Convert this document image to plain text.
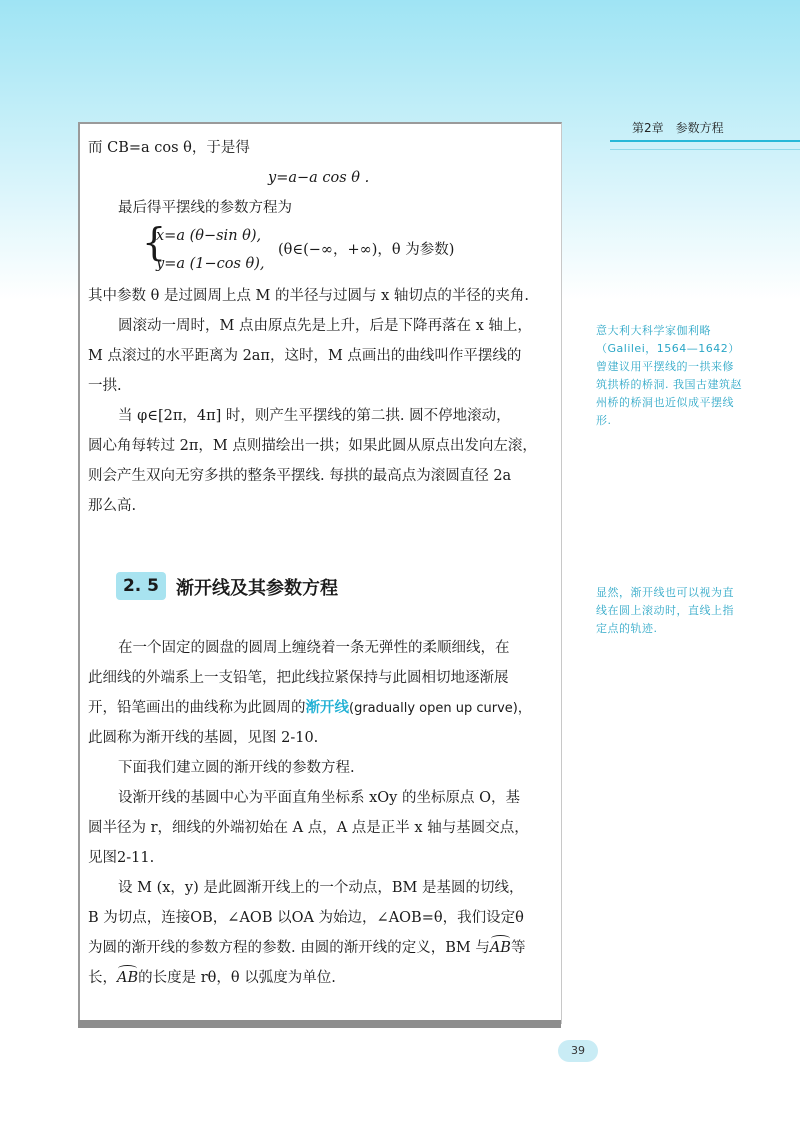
第2章　参数方程
而 CB=a cos θ，于是得
y=a−a cos θ .
最后得平摆线的参数方程为
{
x=a (θ−sin θ),
y=a (1−cos θ),
(θ∈(−∞，+∞)，θ 为参数)
其中参数 θ 是过圆周上点 M 的半径与过圆与 x 轴切点的半径的夹角.
圆滚动一周时，M 点由原点先是上升，后是下降再落在 x 轴上，
M 点滚过的水平距离为 2aπ，这时，M 点画出的曲线叫作平摆线的
一拱.
当 φ∈[2π，4π] 时，则产生平摆线的第二拱. 圆不停地滚动，
圆心角每转过 2π，M 点则描绘出一拱；如果此圆从原点出发向左滚，
则会产生双向无穷多拱的整条平摆线. 每拱的最高点为滚圆直径 2a
那么高.
2. 5 渐开线及其参数方程
在一个固定的圆盘的圆周上缠绕着一条无弹性的柔顺细线，在
此细线的外端系上一支铅笔，把此线拉紧保持与此圆相切地逐渐展
开，铅笔画出的曲线称为此圆周的渐开线(gradually open up curve)，
此圆称为渐开线的基圆，见图 2-10.
下面我们建立圆的渐开线的参数方程.
设渐开线的基圆中心为平面直角坐标系 xOy 的坐标原点 O，基
圆半径为 r，细线的外端初始在 A 点，A 点是正半 x 轴与基圆交点，
见图2-11.
设 M (x，y) 是此圆渐开线上的一个动点，BM 是基圆的切线，
B 为切点，连接OB，∠AOB 以OA 为始边，∠AOB=θ，我们设定θ
为圆的渐开线的参数方程的参数. 由圆的渐开线的定义，BM 与AB等
长，AB的长度是 rθ，θ 以弧度为单位.
意大利大科学家伽利略（Galilei，1564—1642）曾建议用平摆线的一拱来修筑拱桥的桥洞. 我国古建筑赵州桥的桥洞也近似成平摆线形.
显然，渐开线也可以视为直线在圆上滚动时，直线上指定点的轨迹.
39
